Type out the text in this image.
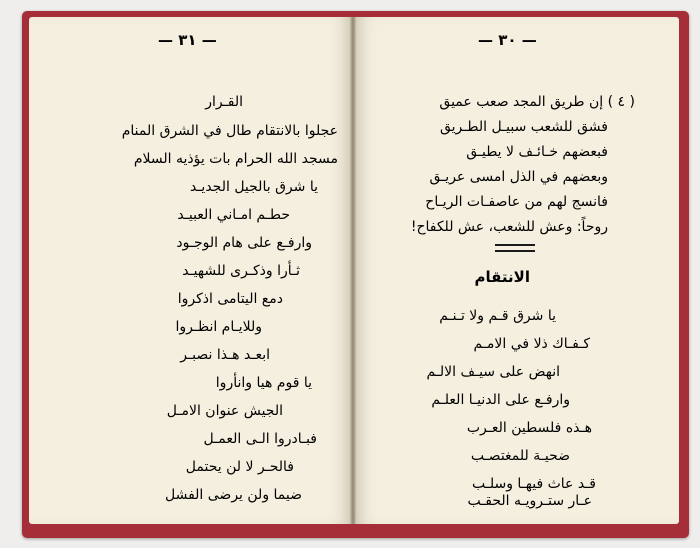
— ٣١ —
القـرار
عجلوا بالانتقام طال في الشرق المنام
مسجد الله الحرام بات يؤذيه السلام
يا شرق بالجيل الجديـد
حطـم امـاني العبيـد
وارفـع على هام الوجـود
ثـأرا وذكـرى للشهيـد
دمع اليتامى اذكروا
وللايـام انظـروا
ابعـد هـذا نصبـر
يا قوم هيا وانأروا
الجيش عنوان الامـل
فبـادروا الـى العمـل
فالحـر لا لن يحتمل
ضيما ولن يرضى الفشل
— ٣٠ —
( ٤ ) إن طريق المجد صعب عميق
فشق للشعب سبيـل الطـريق
فبعضهم خـائـف لا يطيـق
وبعضهم في الذل امسى عريـق
فانسج لهم من عاصفـات الريـاح
روحاً: وعش للشعب، عش للكفاح!
الانتقام
يا شرق قـم ولا تـنـم
كـفـاك ذلا في الامـم
انهض على سيـف الالـم
وارفـع على الدنيـا العلـم
هـذه فلسطين العـرب
ضحيـة للمغتصـب
قـد عاث فيهـا وسلـب
عـار ستـرويـه الحقـب
